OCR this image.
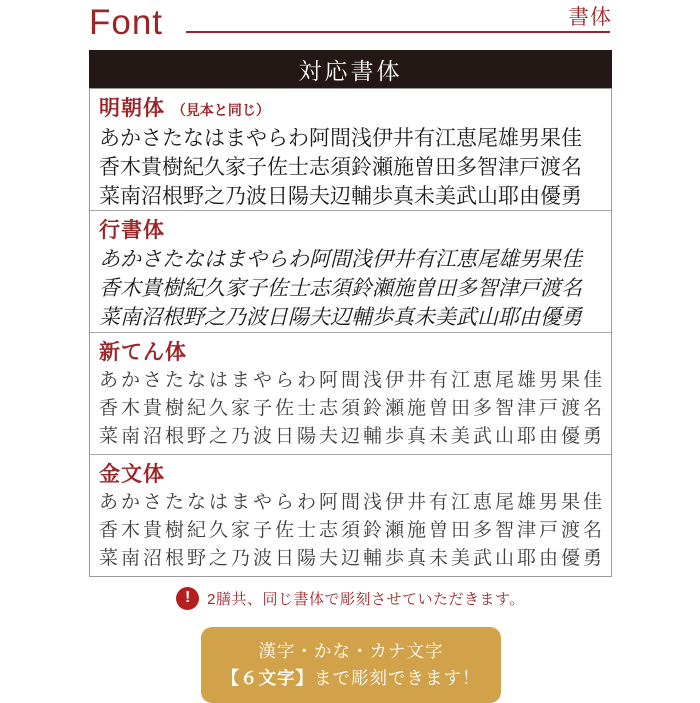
Font	書体
対応書体
明朝体 （見本と同じ）
あかさたなはまやらわ阿間浅伊井有江恵尾雄男果佳
香木貴樹紀久家子佐士志須鈴瀬施曽田多智津戸渡名
菜南沼根野之乃波日陽夫辺輔歩真未美武山耶由優勇
行書体
あかさたなはまやらわ阿間浅伊井有江恵尾雄男果佳
香木貴樹紀久家子佐士志須鈴瀬施曽田多智津戸渡名
菜南沼根野之乃波日陽夫辺輔歩真未美武山耶由優勇
新てん体
あかさたなはまやらわ阿間浅伊井有江恵尾雄男果佳
香木貴樹紀久家子佐士志須鈴瀬施曽田多智津戸渡名
菜南沼根野之乃波日陽夫辺輔歩真未美武山耶由優勇
金文体
あかさたなはまやらわ阿間浅伊井有江恵尾雄男果佳
香木貴樹紀久家子佐士志須鈴瀬施曽田多智津戸渡名
菜南沼根野之乃波日陽夫辺輔歩真未美武山耶由優勇
!	2膳共、同じ書体で彫刻させていただきます。
漢字・かな・カナ文字
【６文字】まで彫刻できます！
